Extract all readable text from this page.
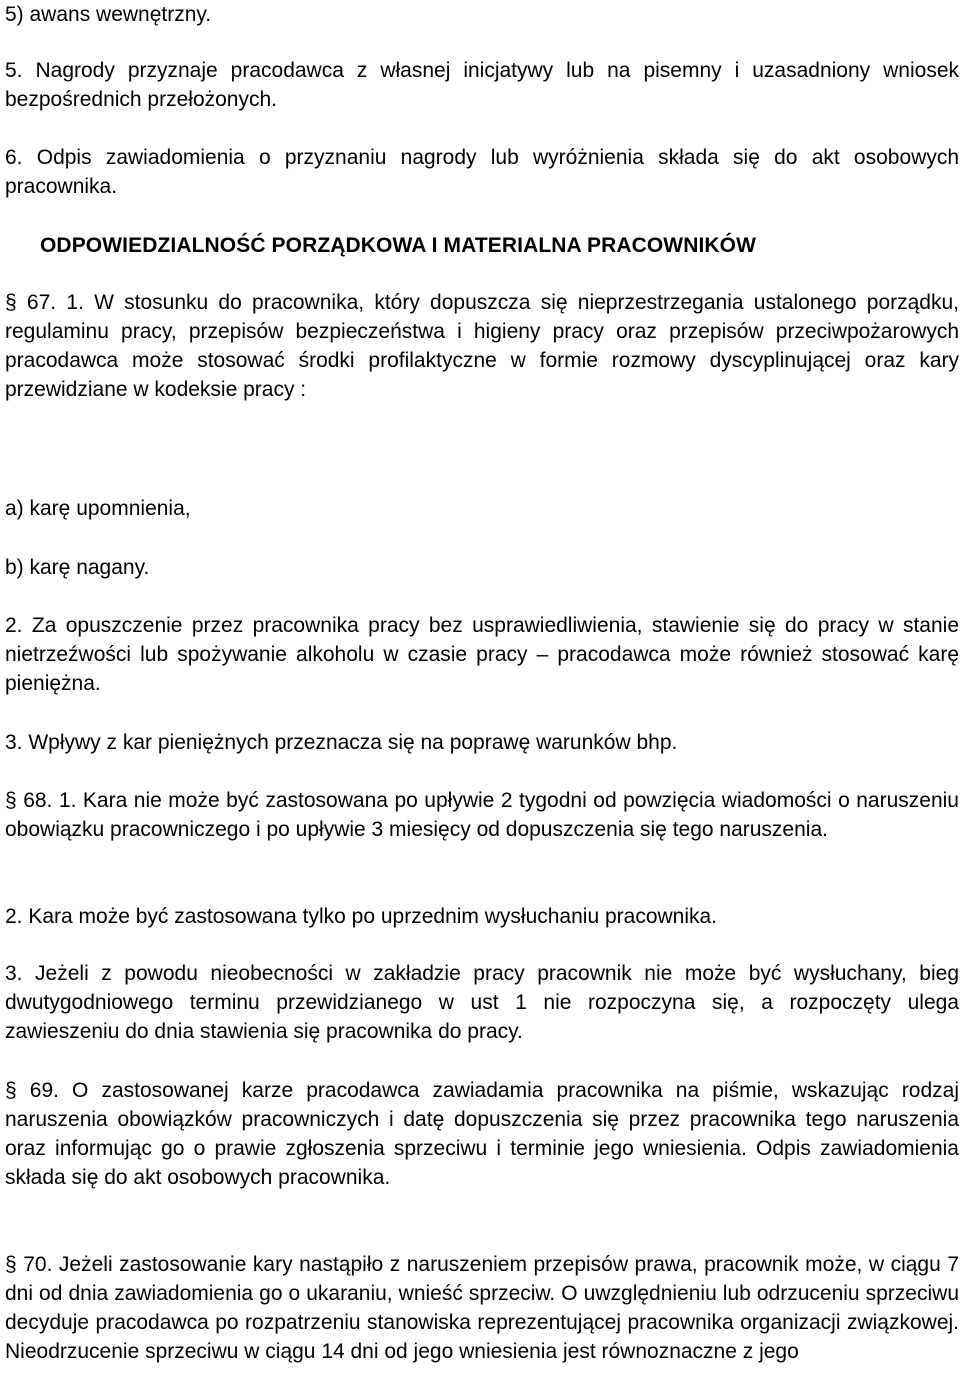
5) awans wewnętrzny.

5. Nagrody przyznaje pracodawca z własnej inicjatywy lub na pisemny i uzasadniony wniosek bezpośrednich przełożonych.

6. Odpis zawiadomienia o przyznaniu nagrody lub wyróżnienia składa się do akt osobowych pracownika.

ODPOWIEDZIALNOŚĆ PORZĄDKOWA I MATERIALNA PRACOWNIKÓW

§ 67. 1. W stosunku do pracownika, który dopuszcza się nieprzestrzegania ustalonego porządku, regulaminu pracy, przepisów bezpieczeństwa i higieny pracy oraz przepisów przeciwpożarowych pracodawca może stosować środki profilaktyczne w formie rozmowy dyscyplinującej oraz kary przewidziane w kodeksie pracy :

a) karę upomnienia,

b) karę nagany.

2. Za opuszczenie przez pracownika pracy bez usprawiedliwienia, stawienie się do pracy w stanie nietrzeźwości lub spożywanie alkoholu w czasie pracy – pracodawca może również stosować karę pieniężna.

3. Wpływy z kar pieniężnych przeznacza się na poprawę warunków bhp.

§ 68. 1. Kara nie może być zastosowana po upływie 2 tygodni od powzięcia wiadomości o naruszeniu obowiązku pracowniczego i po upływie 3 miesięcy od dopuszczenia się tego naruszenia.

2. Kara może być zastosowana tylko po uprzednim wysłuchaniu pracownika.

3. Jeżeli z powodu nieobecności w zakładzie pracy pracownik nie może być wysłuchany, bieg dwutygodniowego terminu przewidzianego w ust 1 nie rozpoczyna się, a rozpoczęty ulega zawieszeniu do dnia stawienia się pracownika do pracy.

§ 69. O zastosowanej karze pracodawca zawiadamia pracownika na piśmie, wskazując rodzaj naruszenia obowiązków pracowniczych i datę dopuszczenia się przez pracownika tego naruszenia oraz informując go o prawie zgłoszenia sprzeciwu i terminie jego wniesienia. Odpis zawiadomienia składa się do akt osobowych pracownika.

§ 70. Jeżeli zastosowanie kary nastąpiło z naruszeniem przepisów prawa, pracownik może, w ciągu 7 dni od dnia zawiadomienia go o ukaraniu, wnieść sprzeciw. O uwzględnieniu lub odrzuceniu sprzeciwu decyduje pracodawca po rozpatrzeniu stanowiska reprezentującej pracownika organizacji związkowej. Nieodrzucenie sprzeciwu w ciągu 14 dni od jego wniesienia jest równoznaczne z jego
